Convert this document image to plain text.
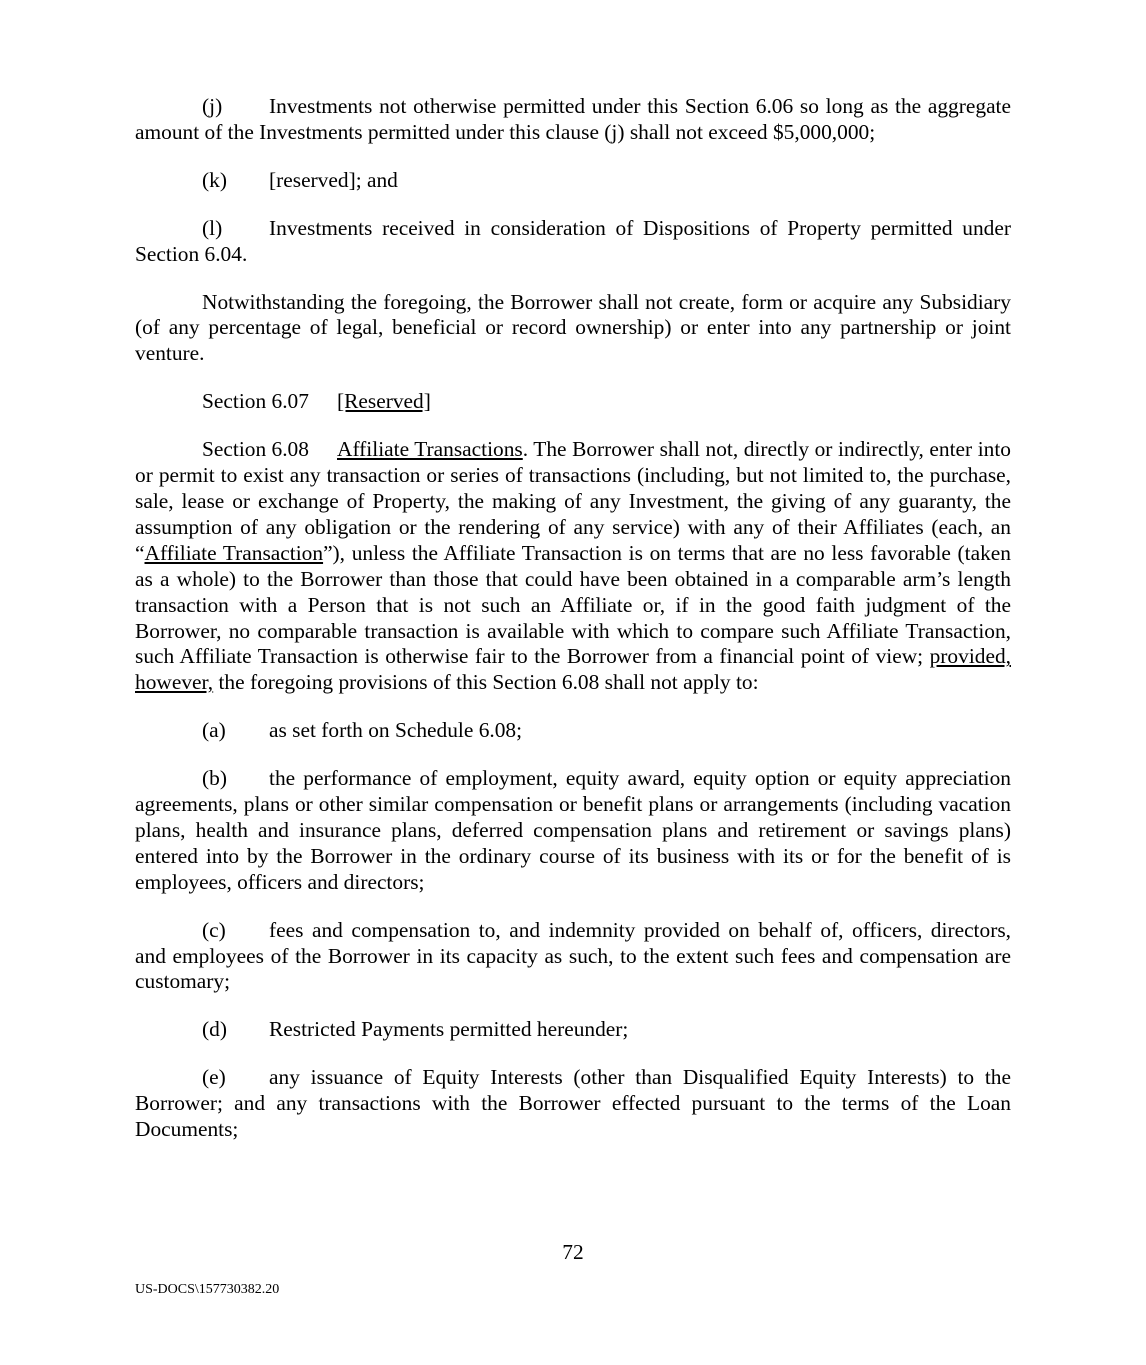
(j) Investments not otherwise permitted under this Section 6.06 so long as the aggregate amount of the Investments permitted under this clause (j) shall not exceed $5,000,000;

(k) [reserved]; and

(l) Investments received in consideration of Dispositions of Property permitted under Section 6.04.

Notwithstanding the foregoing, the Borrower shall not create, form or acquire any Subsidiary (of any percentage of legal, beneficial or record ownership) or enter into any partnership or joint venture.

Section 6.07 [Reserved]

Section 6.08 Affiliate Transactions. The Borrower shall not, directly or indirectly, enter into or permit to exist any transaction or series of transactions (including, but not limited to, the purchase, sale, lease or exchange of Property, the making of any Investment, the giving of any guaranty, the assumption of any obligation or the rendering of any service) with any of their Affiliates (each, an “Affiliate Transaction”), unless the Affiliate Transaction is on terms that are no less favorable (taken as a whole) to the Borrower than those that could have been obtained in a comparable arm’s length transaction with a Person that is not such an Affiliate or, if in the good faith judgment of the Borrower, no comparable transaction is available with which to compare such Affiliate Transaction, such Affiliate Transaction is otherwise fair to the Borrower from a financial point of view; provided, however, the foregoing provisions of this Section 6.08 shall not apply to:

(a) as set forth on Schedule 6.08;

(b) the performance of employment, equity award, equity option or equity appreciation agreements, plans or other similar compensation or benefit plans or arrangements (including vacation plans, health and insurance plans, deferred compensation plans and retirement or savings plans) entered into by the Borrower in the ordinary course of its business with its or for the benefit of is employees, officers and directors;

(c) fees and compensation to, and indemnity provided on behalf of, officers, directors, and employees of the Borrower in its capacity as such, to the extent such fees and compensation are customary;

(d) Restricted Payments permitted hereunder;

(e) any issuance of Equity Interests (other than Disqualified Equity Interests) to the Borrower; and any transactions with the Borrower effected pursuant to the terms of the Loan Documents;

72
US-DOCS\157730382.20
